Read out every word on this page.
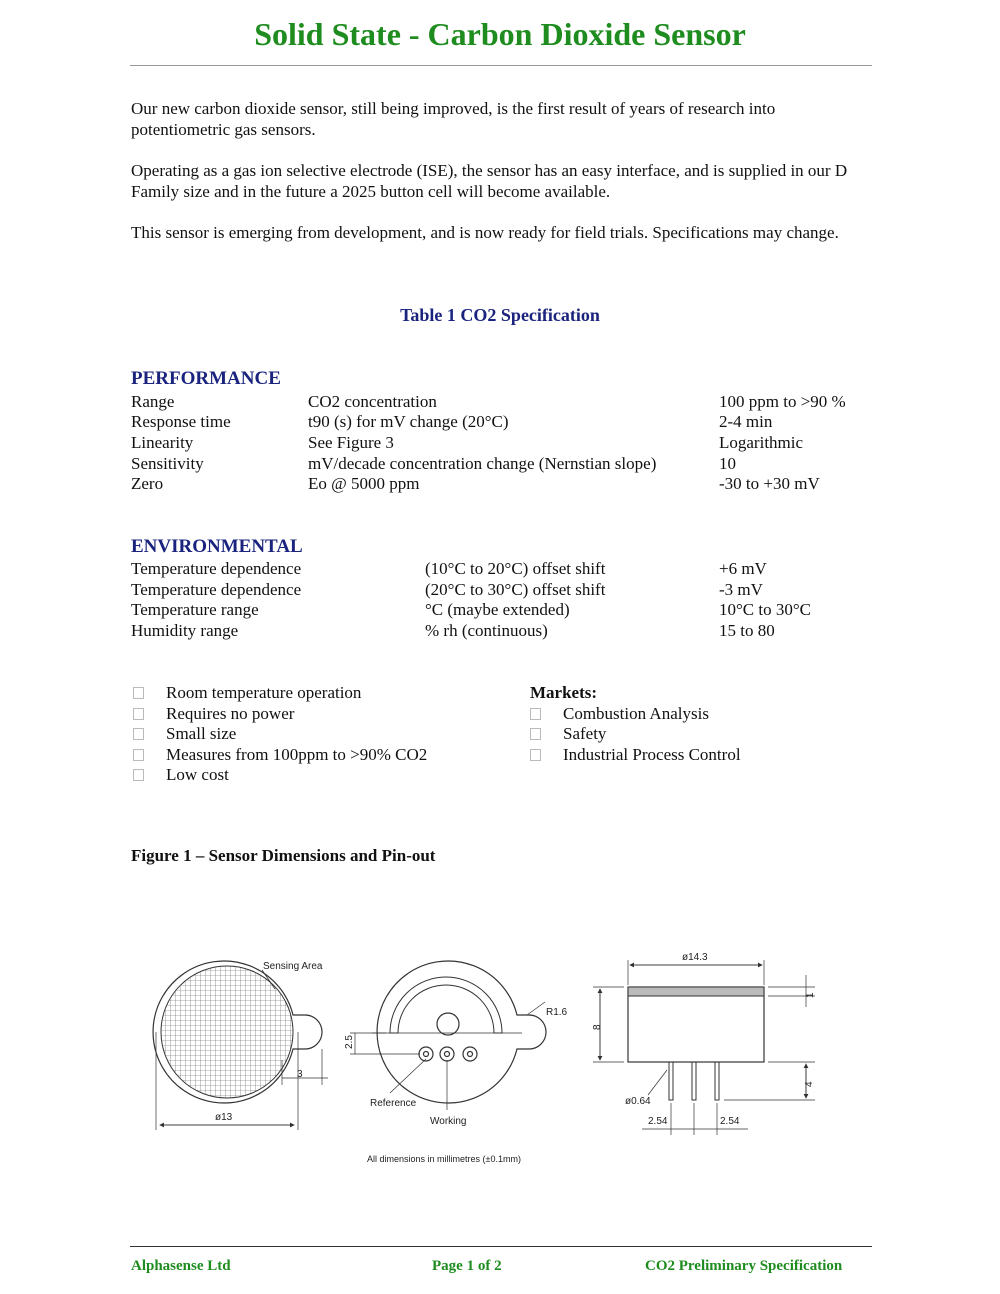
Solid State - Carbon Dioxide Sensor
Our new carbon dioxide sensor, still being improved, is the first result of years of research into potentiometric gas sensors.
Operating as a gas ion selective electrode (ISE), the sensor has an easy interface, and is supplied in our D Family size and in the future a 2025 button cell will become available.
This sensor is emerging from development, and is now ready for field trials. Specifications may change.
Table 1 CO2 Specification
PERFORMANCE
Range	CO2 concentration	100 ppm to >90 %
Response time	t90 (s) for mV change (20°C)	2-4 min
Linearity	See Figure 3	Logarithmic
Sensitivity	mV/decade concentration change (Nernstian slope)	10
Zero	Eo @ 5000 ppm	-30 to +30 mV
ENVIRONMENTAL
Temperature dependence	(10°C to 20°C) offset shift	+6 mV
Temperature dependence	(20°C to 30°C) offset shift	-3 mV
Temperature range	°C (maybe extended)	10°C to 30°C
Humidity range	% rh (continuous)	15 to 80
Room temperature operation
Requires no power
Small size
Measures from 100ppm to >90% CO2
Low cost
Markets:
Combustion Analysis
Safety
Industrial Process Control
Figure 1 – Sensor Dimensions and Pin-out
Sensing Area
3
ø13
2.5
R1.6
Reference
Working
ø14.3
1
8
4
ø0.64
2.54	2.54
All dimensions in millimetres (±0.1mm)
Alphasense Ltd	Page 1 of 2	CO2 Preliminary Specification
